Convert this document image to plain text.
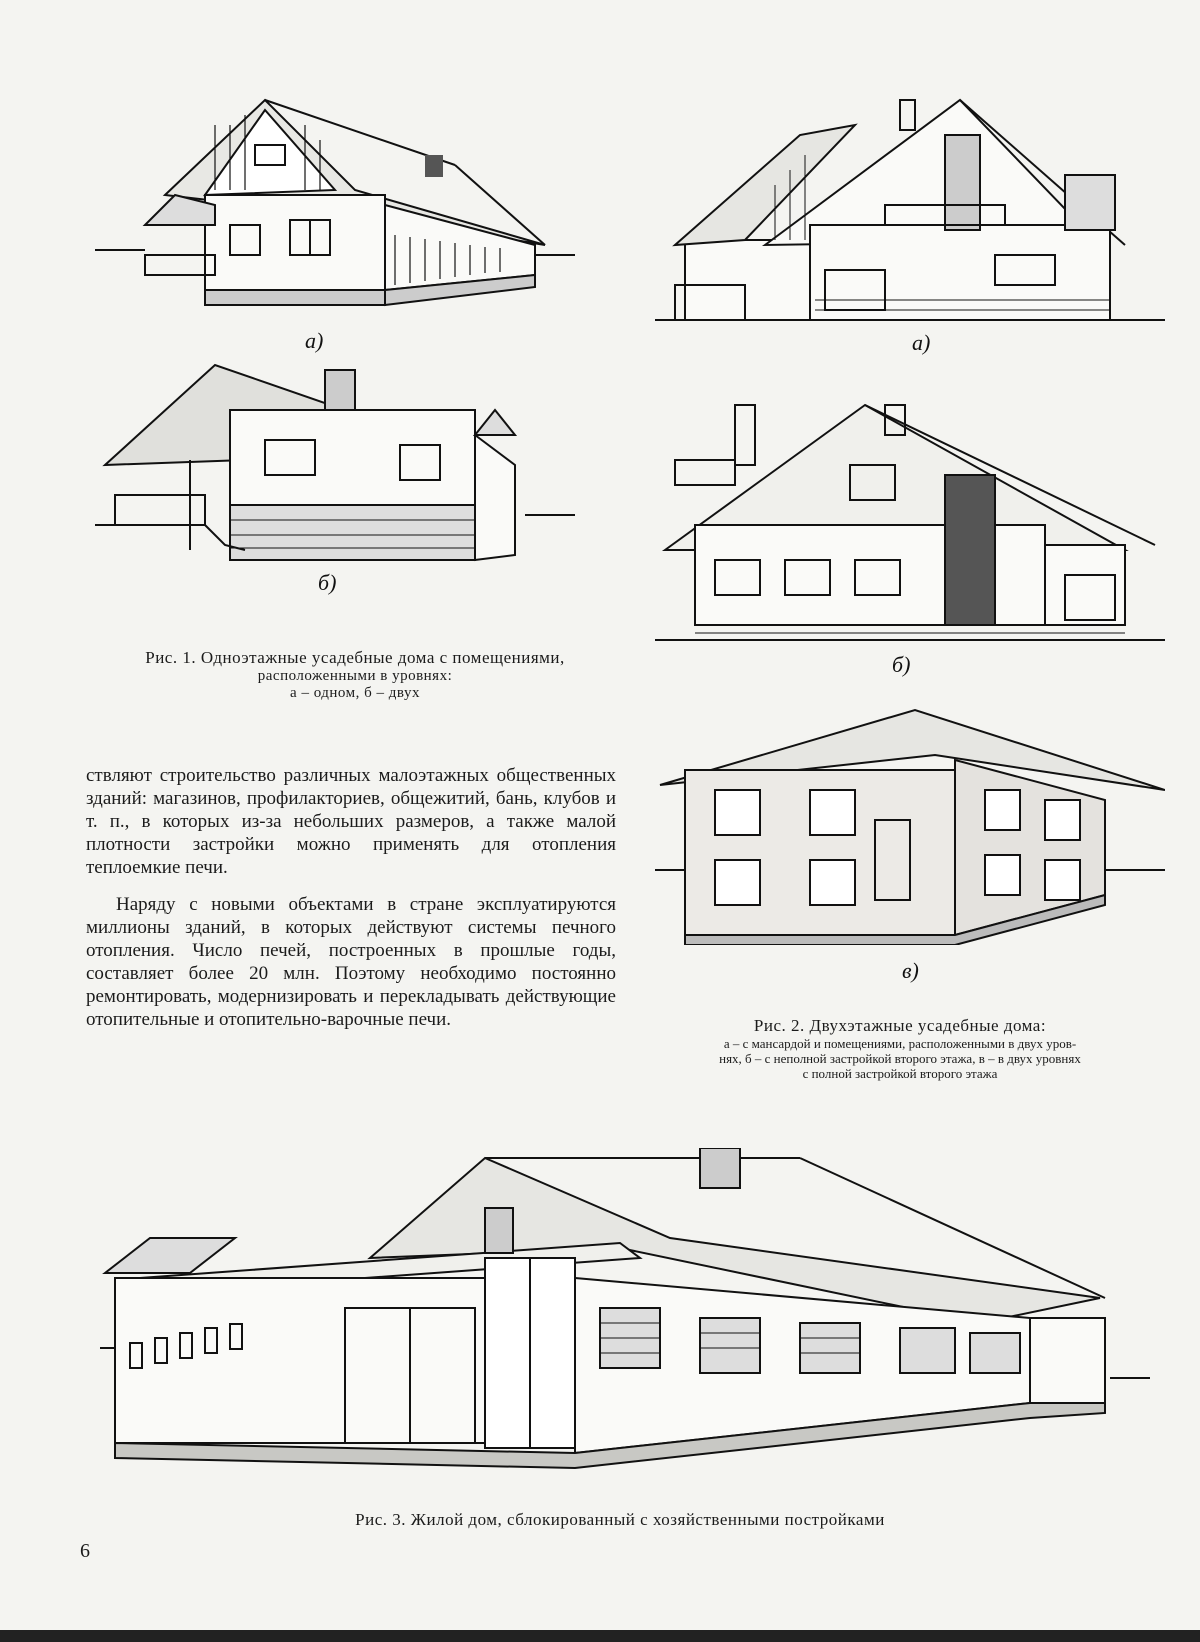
а)
б)
Рис. 1. Одноэтажные усадебные дома с помещениями,
расположенными в уровнях:
а – одном, б – двух
а)
б)
в)
Рис. 2. Двухэтажные усадебные дома:
а – с мансардой и помещениями, расположенными в двух уров-
нях, б – с неполной застройкой второго этажа, в – в двух уровнях
с полной застройкой второго этажа

ствляют строительство различных малоэтажных общественных зданий: магазинов, профилакториев, общежитий, бань, клубов и т. п., в которых из-за небольших размеров, а также малой плотности застройки можно применять для отопления теплоемкие печи.

Наряду с новыми объектами в стране эксплуатируются миллионы зданий, в которых действуют системы печного отопления. Число печей, построенных в прошлые годы, составляет более 20 млн. Поэтому необходимо постоянно ремонтировать, модернизировать и перекладывать действующие отопительные и отопительно-варочные печи.

Рис. 3. Жилой дом, сблокированный с хозяйственными постройками
6
